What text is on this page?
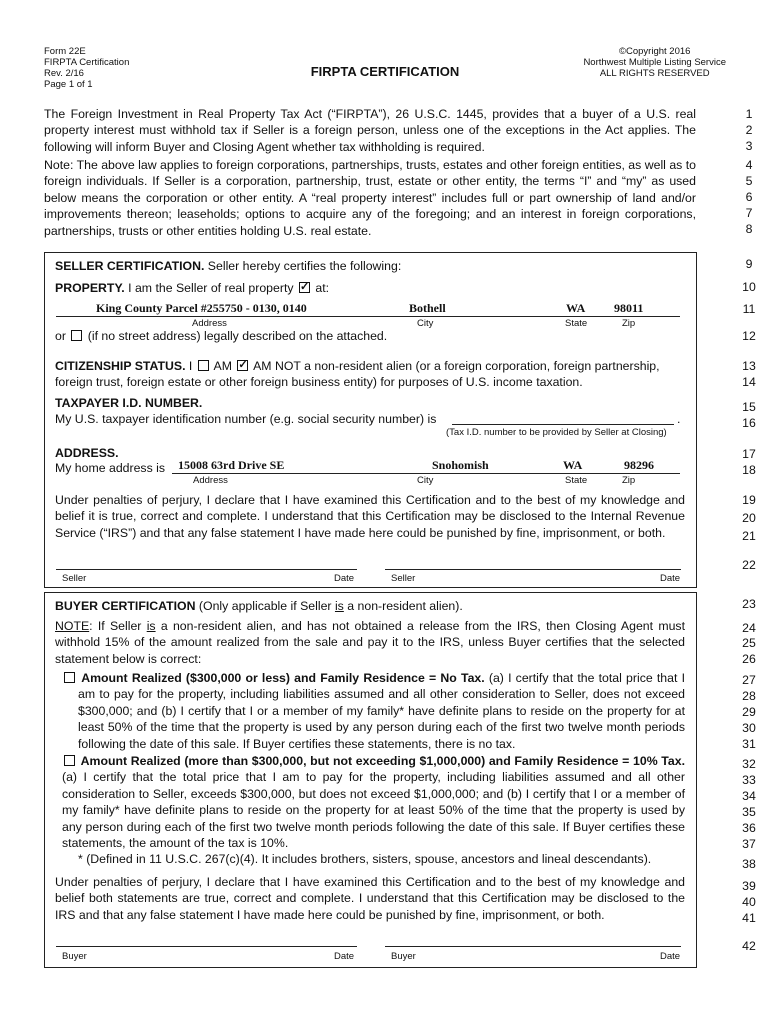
Form 22E
FIRPTA Certification
Rev. 2/16
Page 1 of 1
FIRPTA CERTIFICATION
©Copyright 2016
Northwest Multiple Listing Service
ALL RIGHTS RESERVED
The Foreign Investment in Real Property Tax Act (“FIRPTA”), 26 U.S.C. 1445, provides that a buyer of a U.S. real property interest must withhold tax if Seller is a foreign person, unless one of the exceptions in the Act applies. The following will inform Buyer and Closing Agent whether tax withholding is required.
Note: The above law applies to foreign corporations, partnerships, trusts, estates and other foreign entities, as well as to foreign individuals. If Seller is a corporation, partnership, trust, estate or other entity, the terms “I” and “my” as used below means the corporation or other entity. A “real property interest” includes full or part ownership of land and/or improvements thereon; leaseholds; options to acquire any of the foregoing; and an interest in foreign corporations, partnerships, trusts or other entities holding U.S. real estate.
SELLER CERTIFICATION. Seller hereby certifies the following:
PROPERTY. I am the Seller of real property ✓ at:
King County Parcel #255750 - 0130, 0140	Bothell	WA 98011
Address	City	State	Zip
or  (if no street address) legally described on the attached.
CITIZENSHIP STATUS. I  AM ✓ AM NOT a non-resident alien (or a foreign corporation, foreign partnership,
foreign trust, foreign estate or other foreign business entity) for purposes of U.S. income taxation.
TAXPAYER I.D. NUMBER.
My U.S. taxpayer identification number (e.g. social security number) is	.
(Tax I.D. number to be provided by Seller at Closing)
ADDRESS.
My home address is 15008 63rd Drive SE	Snohomish	WA	98296
Address	City	State	Zip
Under penalties of perjury, I declare that I have examined this Certification and to the best of my knowledge and belief it is true, correct and complete. I understand that this Certification may be disclosed to the Internal Revenue Service (“IRS”) and that any false statement I have made here could be punished by fine, imprisonment, or both.
Seller	Date	Seller	Date
BUYER CERTIFICATION (Only applicable if Seller is a non-resident alien).
NOTE: If Seller is a non-resident alien, and has not obtained a release from the IRS, then Closing Agent must withhold 15% of the amount realized from the sale and pay it to the IRS, unless Buyer certifies that the selected statement below is correct:
Amount Realized ($300,000 or less) and Family Residence = No Tax. (a) I certify that the total price that I am to pay for the property, including liabilities assumed and all other consideration to Seller, does not exceed $300,000; and (b) I certify that I or a member of my family* have definite plans to reside on the property for at least 50% of the time that the property is used by any person during each of the first two twelve month periods following the date of this sale. If Buyer certifies these statements, there is no tax.
Amount Realized (more than $300,000, but not exceeding $1,000,000) and Family Residence = 10% Tax. (a) I certify that the total price that I am to pay for the property, including liabilities assumed and all other consideration to Seller, exceeds $300,000, but does not exceed $1,000,000; and (b) I certify that I or a member of my family* have definite plans to reside on the property for at least 50% of the time that the property is used by any person during each of the first two twelve month periods following the date of this sale. If Buyer certifies these statements, the amount of the tax is 10%.
* (Defined in 11 U.S.C. 267(c)(4). It includes brothers, sisters, spouse, ancestors and lineal descendants).
Under penalties of perjury, I declare that I have examined this Certification and to the best of my knowledge and belief both statements are true, correct and complete. I understand that this Certification may be disclosed to the IRS and that any false statement I have made here could be punished by fine, imprisonment, or both.
Buyer	Date	Buyer	Date
1
2
3
4
5
6
7
8
9
10
11
12
13
14
15
16
17
18
19
20
21
22
23
24
25
26
27
28
29
30
31
32
33
34
35
36
37
38
39
40
41
42
